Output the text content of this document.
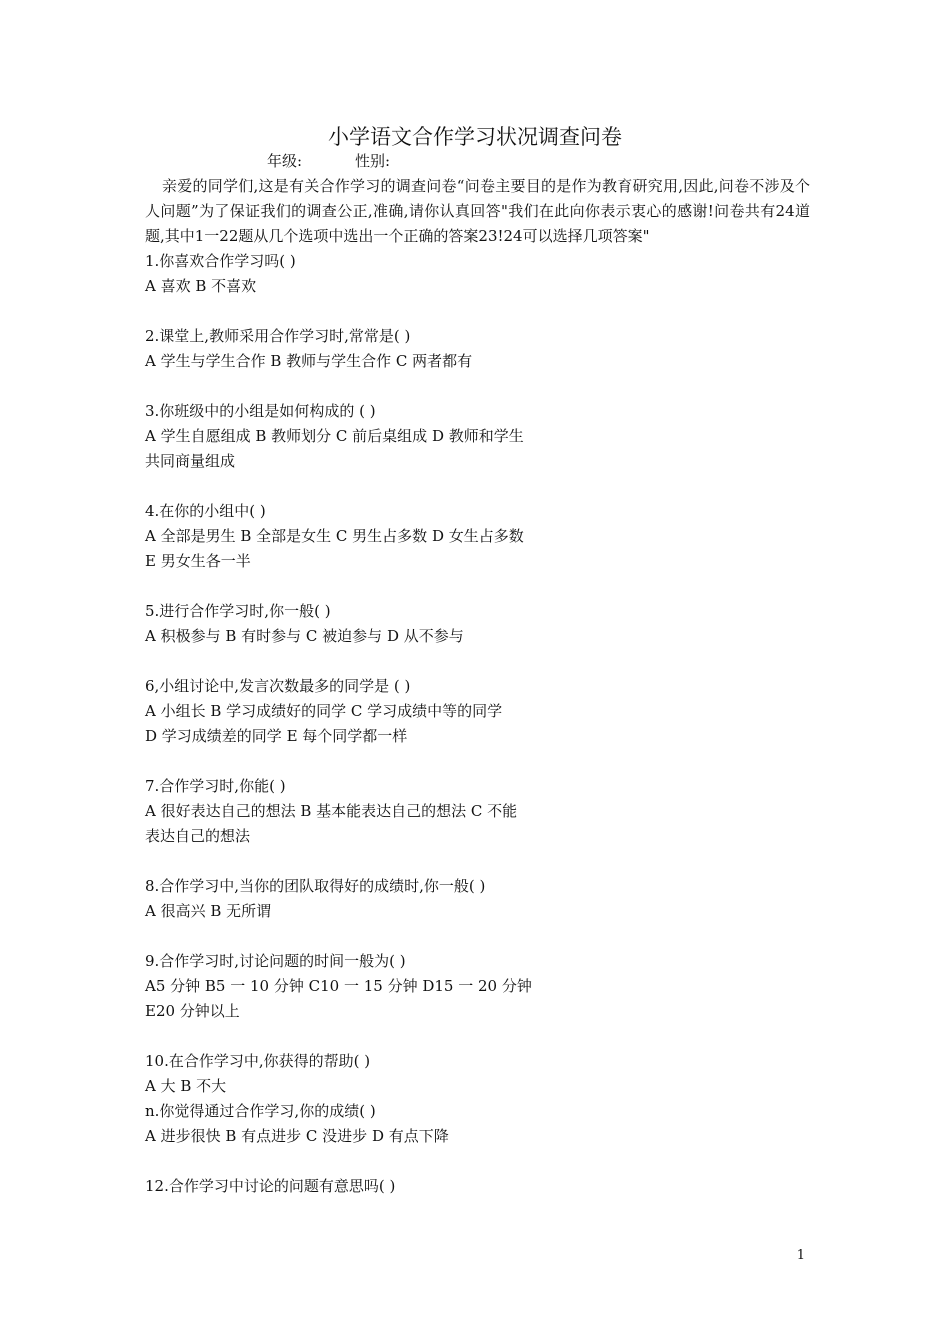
小学语文合作学习状况调查问卷
年级:	性别:

亲爱的同学们,这是有关合作学习的调查问卷“问卷主要目的是作为教育研究用,因此,问卷不涉及个人问题”为了保证我们的调查公正,准确,请你认真回答"我们在此向你表示衷心的感谢!问卷共有24道题,其中1一22题从几个选项中选出一个正确的答案23!24可以选择几项答案"

1.你喜欢合作学习吗( )
A 喜欢 B 不喜欢
2.课堂上,教师采用合作学习时,常常是( )
A 学生与学生合作 B 教师与学生合作 C 两者都有
3.你班级中的小组是如何构成的 ( )
A 学生自愿组成 B 教师划分 C 前后桌组成 D 教师和学生
共同商量组成
4.在你的小组中( )
A 全部是男生 B 全部是女生 C 男生占多数 D 女生占多数
E 男女生各一半
5.进行合作学习时,你一般( )
A 积极参与 B 有时参与 C 被迫参与 D 从不参与
6,小组讨论中,发言次数最多的同学是 ( )
A 小组长 B 学习成绩好的同学 C 学习成绩中等的同学
D 学习成绩差的同学 E 每个同学都一样
7.合作学习时,你能( )
A 很好表达自己的想法 B 基本能表达自己的想法 C 不能
表达自己的想法
8.合作学习中,当你的团队取得好的成绩时,你一般( )
A 很高兴 B 无所谓
9.合作学习时,讨论问题的时间一般为( )
A5 分钟 B5 一 10 分钟 C10 一 15 分钟 D15 一 20 分钟
E20 分钟以上
10.在合作学习中,你获得的帮助( )
A 大 B 不大
n.你觉得通过合作学习,你的成绩( )
A 进步很快 B 有点进步 C 没进步 D 有点下降
12.合作学习中讨论的问题有意思吗( )
1
